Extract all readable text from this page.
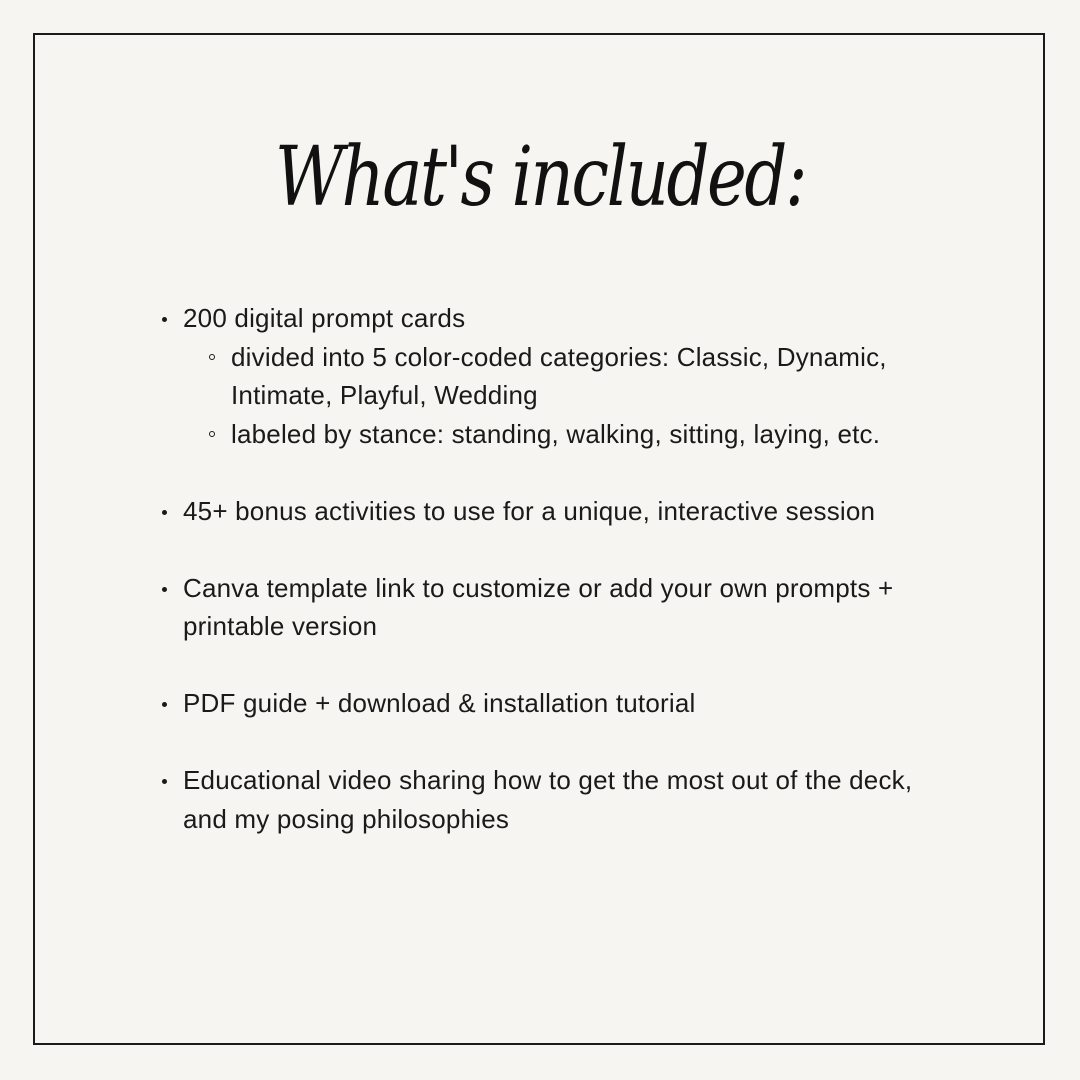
What's included:
200 digital prompt cards
divided into 5 color-coded categories: Classic, Dynamic, Intimate, Playful, Wedding
labeled by stance: standing, walking, sitting, laying, etc.
45+ bonus activities to use for a unique, interactive session
Canva template link to customize or add your own prompts + printable version
PDF guide + download & installation tutorial
Educational video sharing how to get the most out of the deck, and my posing philosophies
